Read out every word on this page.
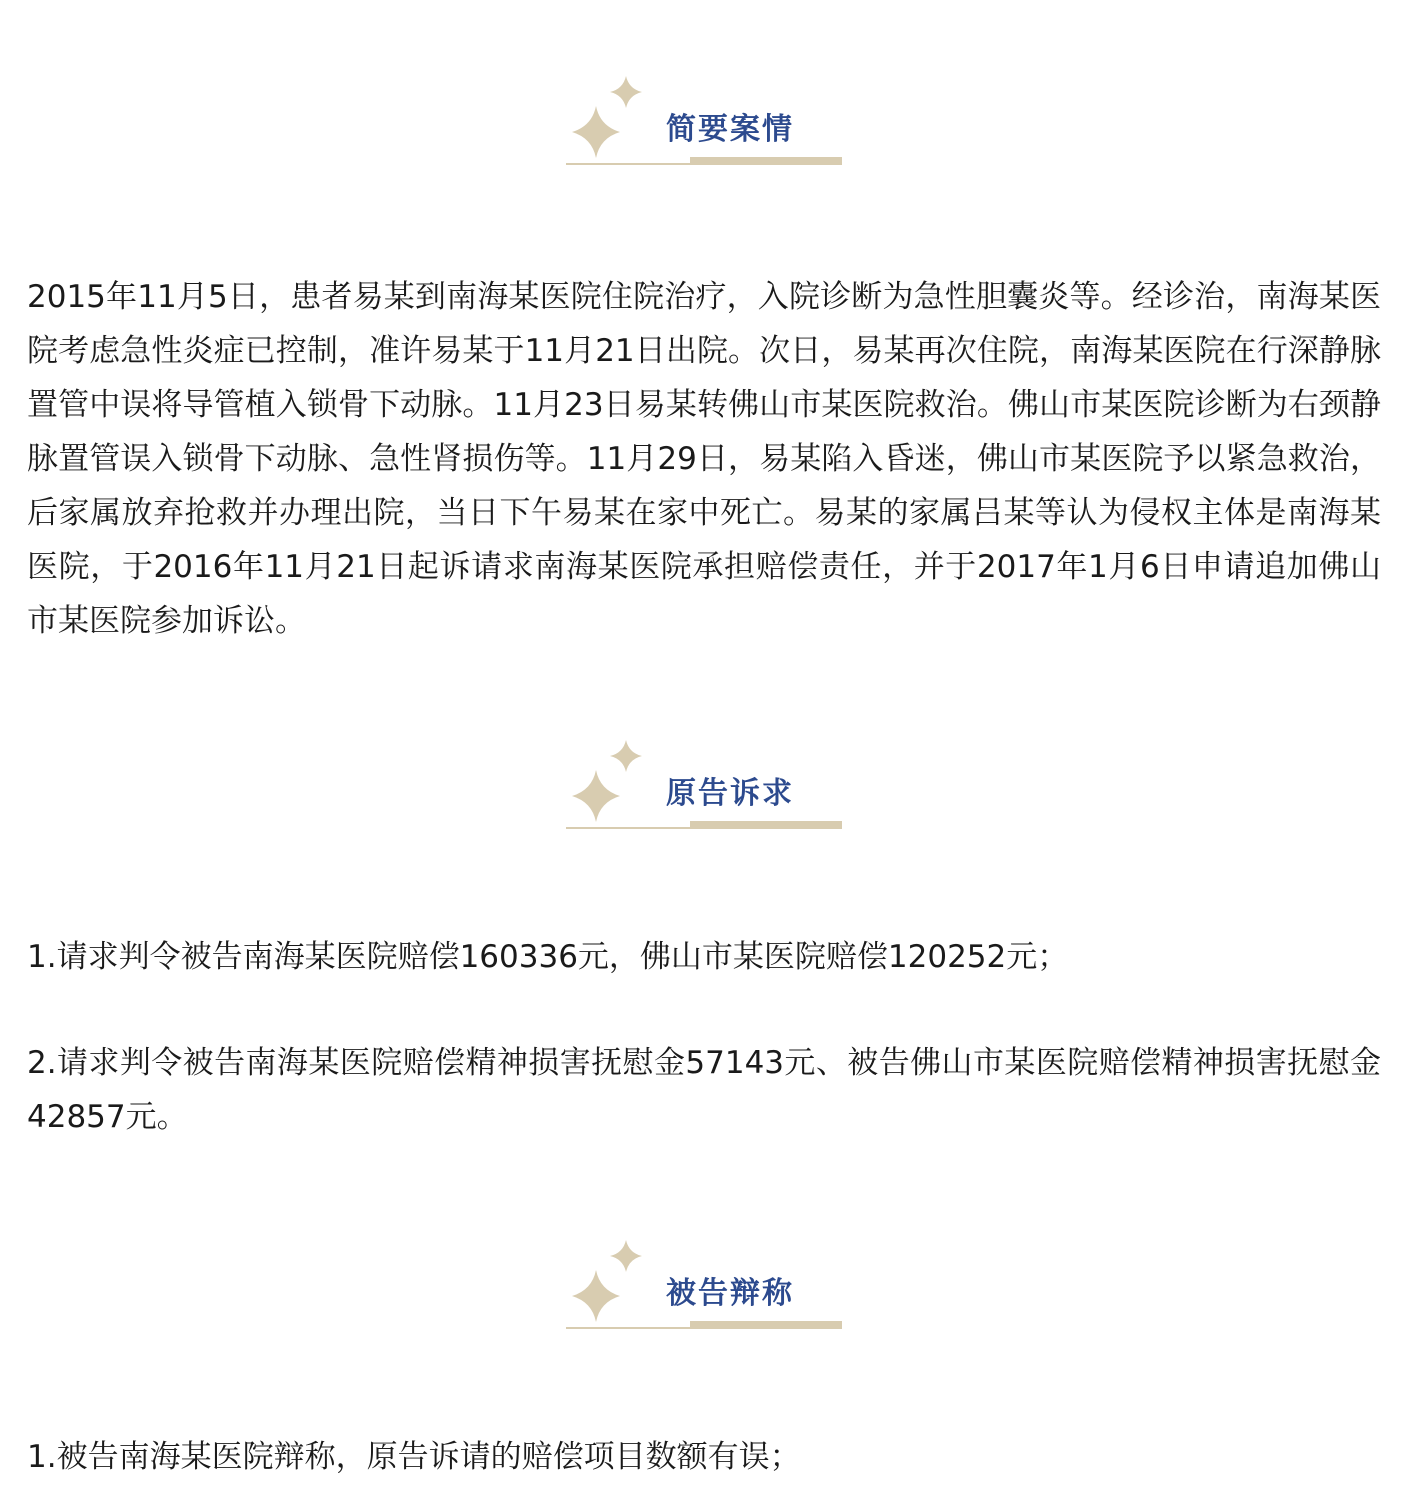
简要案情

2015年11月5日，患者易某到南海某医院住院治疗，入院诊断为急性胆囊炎等。经诊治，南海某医院考虑急性炎症已控制，准许易某于11月21日出院。次日，易某再次住院，南海某医院在行深静脉置管中误将导管植入锁骨下动脉。11月23日易某转佛山市某医院救治。佛山市某医院诊断为右颈静脉置管误入锁骨下动脉、急性肾损伤等。11月29日，易某陷入昏迷，佛山市某医院予以紧急救治，后家属放弃抢救并办理出院，当日下午易某在家中死亡。易某的家属吕某等认为侵权主体是南海某医院，于2016年11月21日起诉请求南海某医院承担赔偿责任，并于2017年1月6日申请追加佛山市某医院参加诉讼。

原告诉求

1.请求判令被告南海某医院赔偿160336元，佛山市某医院赔偿120252元；

2.请求判令被告南海某医院赔偿精神损害抚慰金57143元、被告佛山市某医院赔偿精神损害抚慰金42857元。

被告辩称

1.被告南海某医院辩称，原告诉请的赔偿项目数额有误；
